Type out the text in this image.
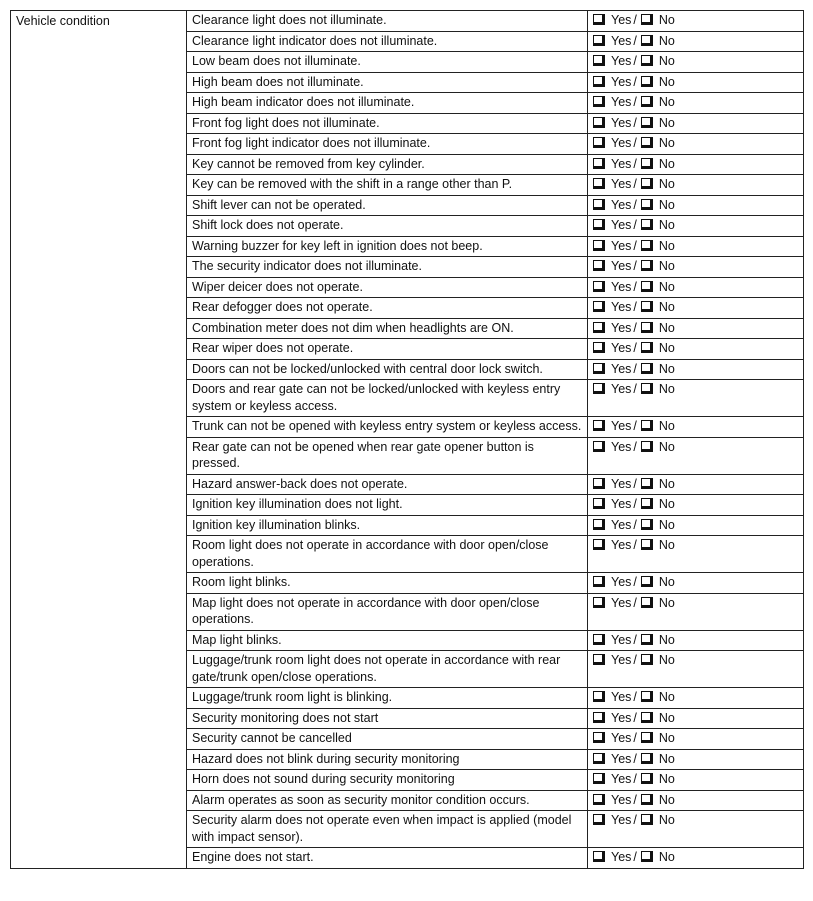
Vehicle condition	Clearance light does not illuminate.	Yes / No
	Clearance light indicator does not illuminate.	Yes / No
	Low beam does not illuminate.	Yes / No
	High beam does not illuminate.	Yes / No
	High beam indicator does not illuminate.	Yes / No
	Front fog light does not illuminate.	Yes / No
	Front fog light indicator does not illuminate.	Yes / No
	Key cannot be removed from key cylinder.	Yes / No
	Key can be removed with the shift in a range other than P.	Yes / No
	Shift lever can not be operated.	Yes / No
	Shift lock does not operate.	Yes / No
	Warning buzzer for key left in ignition does not beep.	Yes / No
	The security indicator does not illuminate.	Yes / No
	Wiper deicer does not operate.	Yes / No
	Rear defogger does not operate.	Yes / No
	Combination meter does not dim when headlights are ON.	Yes / No
	Rear wiper does not operate.	Yes / No
	Doors can not be locked/unlocked with central door lock switch.	Yes / No
	Doors and rear gate can not be locked/unlocked with keyless entry system or keyless access.	Yes / No
	Trunk can not be opened with keyless entry system or keyless access.	Yes / No
	Rear gate can not be opened when rear gate opener button is pressed.	Yes / No
	Hazard answer-back does not operate.	Yes / No
	Ignition key illumination does not light.	Yes / No
	Ignition key illumination blinks.	Yes / No
	Room light does not operate in accordance with door open/close operations.	Yes / No
	Room light blinks.	Yes / No
	Map light does not operate in accordance with door open/close operations.	Yes / No
	Map light blinks.	Yes / No
	Luggage/trunk room light does not operate in accordance with rear gate/trunk open/close operations.	Yes / No
	Luggage/trunk room light is blinking.	Yes / No
	Security monitoring does not start	Yes / No
	Security cannot be cancelled	Yes / No
	Hazard does not blink during security monitoring	Yes / No
	Horn does not sound during security monitoring	Yes / No
	Alarm operates as soon as security monitor condition occurs.	Yes / No
	Security alarm does not operate even when impact is applied (model with impact sensor).	Yes / No
	Engine does not start.	Yes / No
